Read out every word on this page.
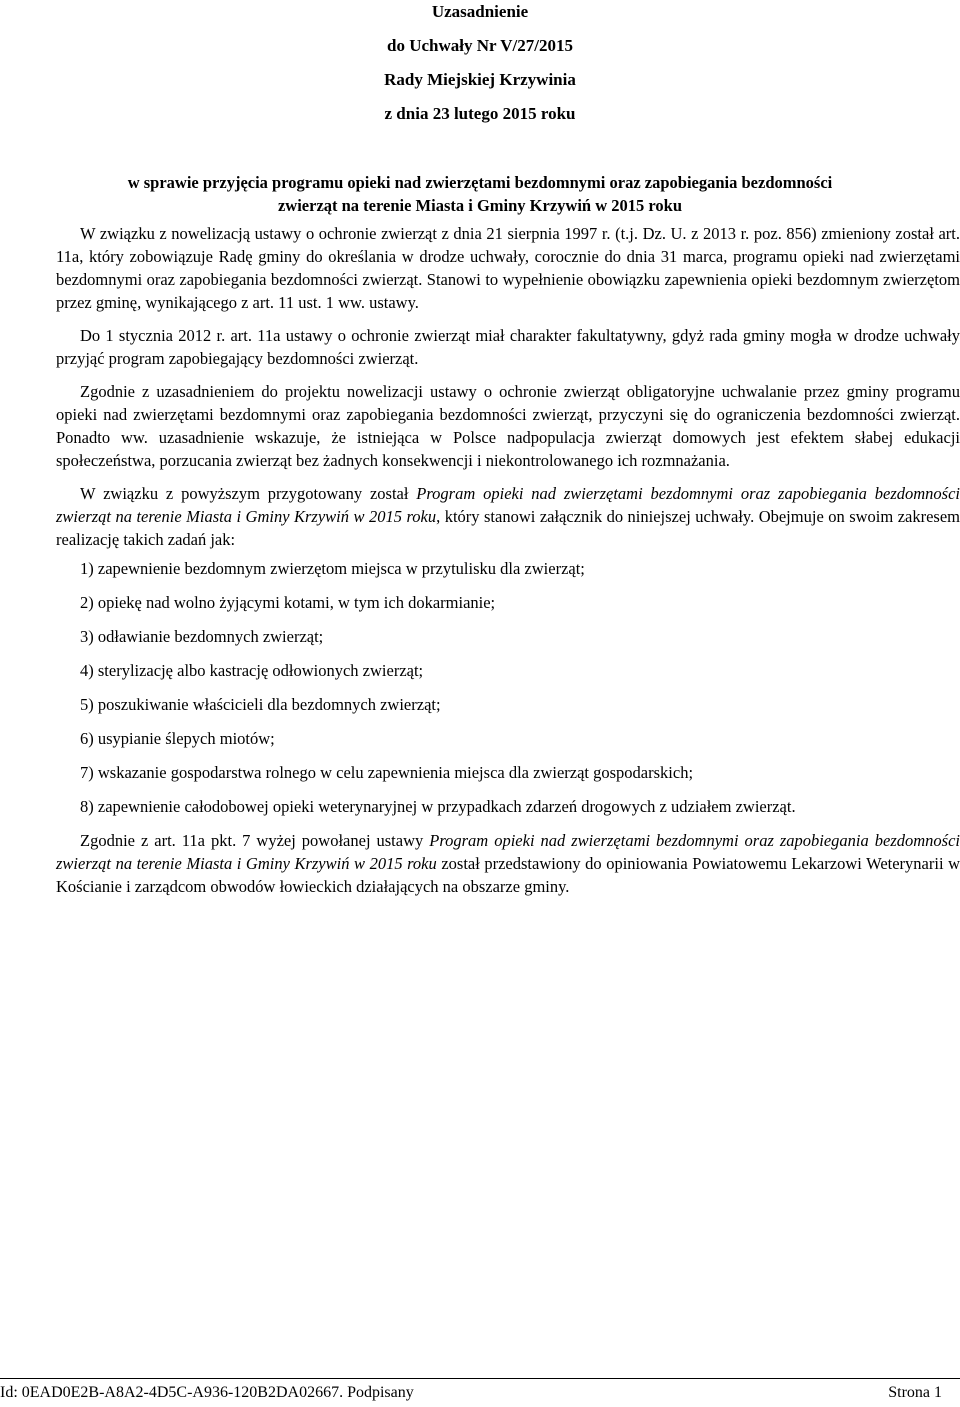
Uzasadnienie
do Uchwały Nr V/27/2015
Rady Miejskiej Krzywinia
z dnia 23 lutego 2015 roku
w sprawie przyjęcia programu opieki nad zwierzętami bezdomnymi oraz zapobiegania bezdomności
zwierząt na terenie Miasta i Gminy Krzywiń w 2015 roku

W związku z nowelizacją ustawy o ochronie zwierząt z dnia 21 sierpnia 1997 r. (t.j. Dz. U. z 2013 r. poz. 856) zmieniony został art. 11a, który zobowiązuje Radę gminy do określania w drodze uchwały, corocznie do dnia 31 marca, programu opieki nad zwierzętami bezdomnymi oraz zapobiegania bezdomności zwierząt. Stanowi to wypełnienie obowiązku zapewnienia opieki bezdomnym zwierzętom przez gminę, wynikającego z art. 11 ust. 1 ww. ustawy.

Do 1 stycznia 2012 r. art. 11a ustawy o ochronie zwierząt miał charakter fakultatywny, gdyż rada gminy mogła w drodze uchwały przyjąć program zapobiegający bezdomności zwierząt.

Zgodnie z uzasadnieniem do projektu nowelizacji ustawy o ochronie zwierząt obligatoryjne uchwalanie przez gminy programu opieki nad zwierzętami bezdomnymi oraz zapobiegania bezdomności zwierząt, przyczyni się do ograniczenia bezdomności zwierząt. Ponadto ww. uzasadnienie wskazuje, że istniejąca w Polsce nadpopulacja zwierząt domowych jest efektem słabej edukacji społeczeństwa, porzucania zwierząt bez żadnych konsekwencji i niekontrolowanego ich rozmnażania.

W związku z powyższym przygotowany został Program opieki nad zwierzętami bezdomnymi oraz zapobiegania bezdomności zwierząt na terenie Miasta i Gminy Krzywiń w 2015 roku, który stanowi załącznik do niniejszej uchwały. Obejmuje on swoim zakresem realizację takich zadań jak:

1) zapewnienie bezdomnym zwierzętom miejsca w przytulisku dla zwierząt;
2) opiekę nad wolno żyjącymi kotami, w tym ich dokarmianie;
3) odławianie bezdomnych zwierząt;
4) sterylizację albo kastrację odłowionych zwierząt;
5) poszukiwanie właścicieli dla bezdomnych zwierząt;
6) usypianie ślepych miotów;
7) wskazanie gospodarstwa rolnego w celu zapewnienia miejsca dla zwierząt gospodarskich;
8) zapewnienie całodobowej opieki weterynaryjnej w przypadkach zdarzeń drogowych z udziałem zwierząt.

Zgodnie z art. 11a pkt. 7 wyżej powołanej ustawy Program opieki nad zwierzętami bezdomnymi oraz zapobiegania bezdomności zwierząt na terenie Miasta i Gminy Krzywiń w 2015 roku został przedstawiony do opiniowania Powiatowemu Lekarzowi Weterynarii w Kościanie i zarządcom obwodów łowieckich działających na obszarze gminy.

Id: 0EAD0E2B-A8A2-4D5C-A936-120B2DA02667. Podpisany	Strona 1
